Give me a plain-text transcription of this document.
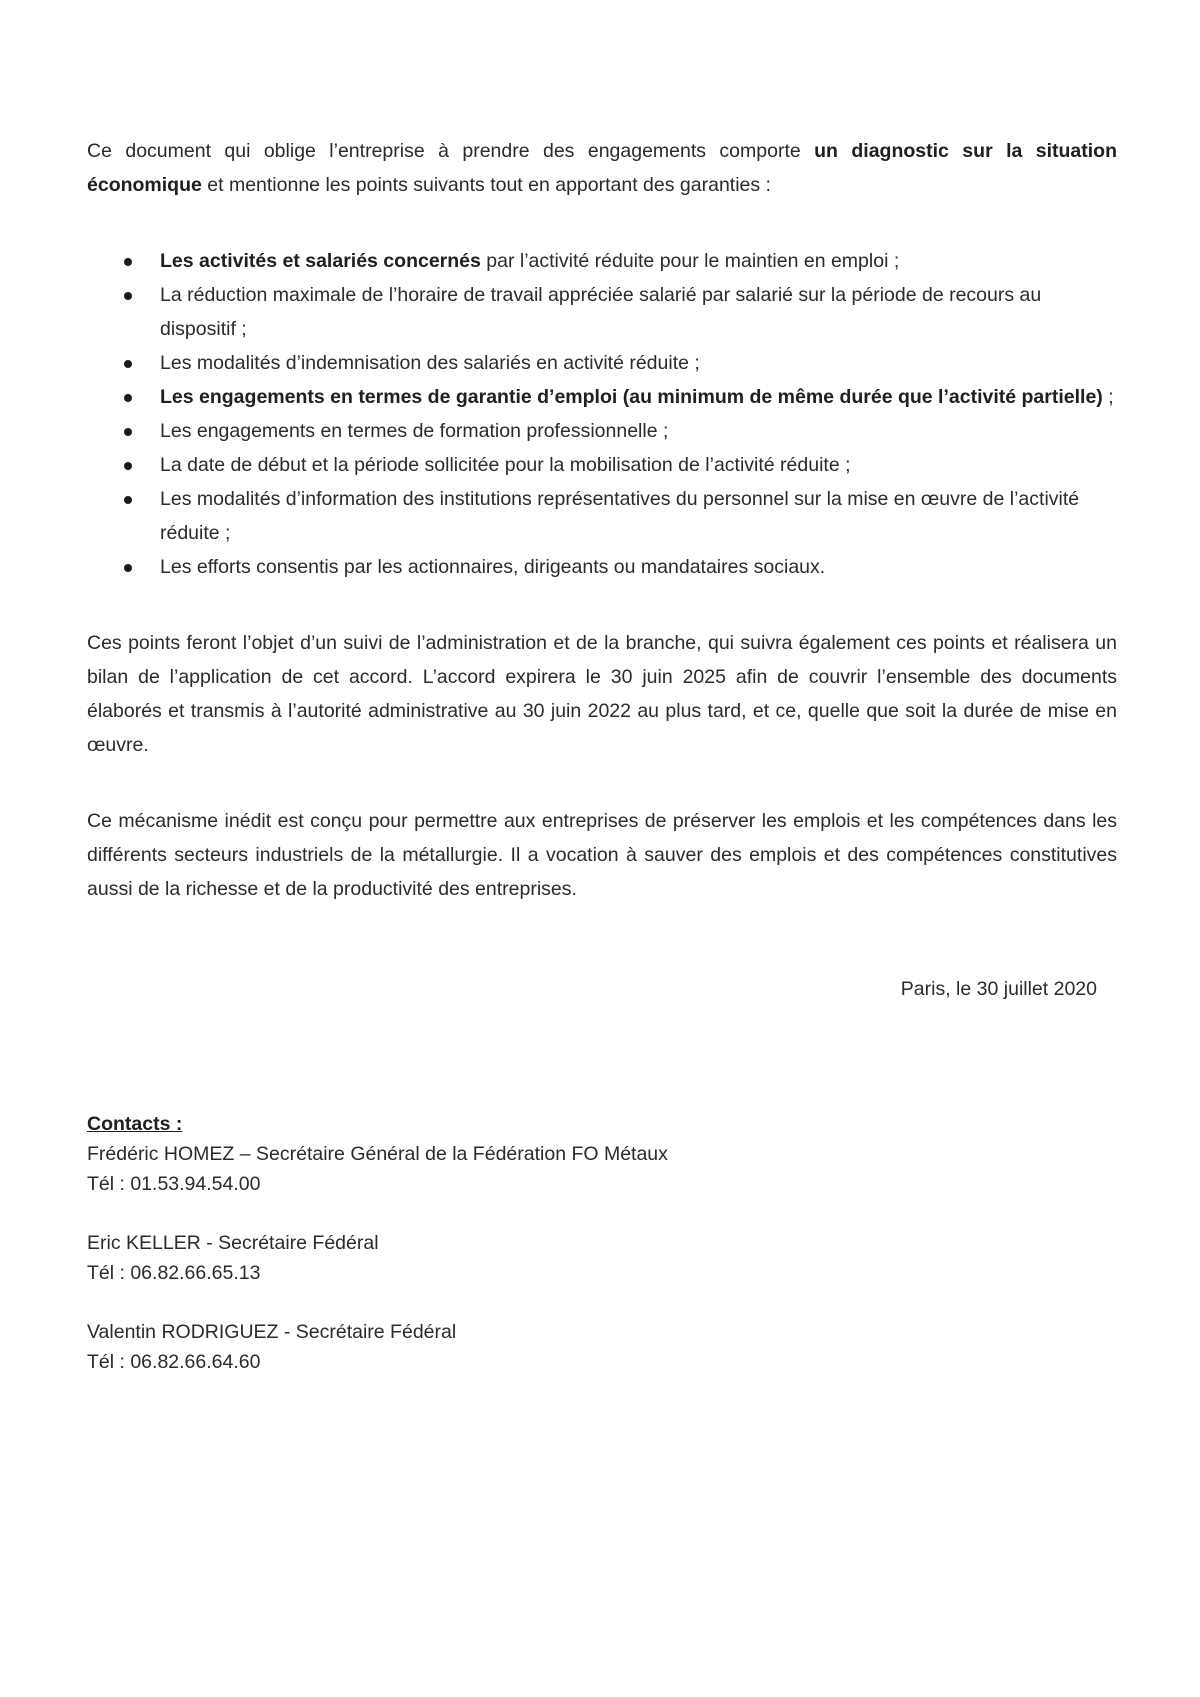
Ce document qui oblige l’entreprise à prendre des engagements comporte un diagnostic sur la situation économique et mentionne les points suivants tout en apportant des garanties :

Les activités et salariés concernés par l’activité réduite pour le maintien en emploi ;
La réduction maximale de l’horaire de travail appréciée salarié par salarié sur la période de recours au dispositif ;
Les modalités d’indemnisation des salariés en activité réduite ;
Les engagements en termes de garantie d’emploi (au minimum de même durée que l’activité partielle) ;
Les engagements en termes de formation professionnelle ;
La date de début et la période sollicitée pour la mobilisation de l’activité réduite ;
Les modalités d’information des institutions représentatives du personnel sur la mise en œuvre de l’activité réduite ;
Les efforts consentis par les actionnaires, dirigeants ou mandataires sociaux.

Ces points feront l’objet d’un suivi de l’administration et de la branche, qui suivra également ces points et réalisera un bilan de l’application de cet accord. L’accord expirera le 30 juin 2025 afin de couvrir l’ensemble des documents élaborés et transmis à l’autorité administrative au 30 juin 2022 au plus tard, et ce, quelle que soit la durée de mise en œuvre.

Ce mécanisme inédit est conçu pour permettre aux entreprises de préserver les emplois et les compétences dans les différents secteurs industriels de la métallurgie. Il a vocation à sauver des emplois et des compétences constitutives aussi de la richesse et de la productivité des entreprises.

Paris, le 30 juillet 2020

Contacts :
Frédéric HOMEZ – Secrétaire Général de la Fédération FO Métaux
Tél : 01.53.94.54.00
Eric KELLER - Secrétaire Fédéral
Tél : 06.82.66.65.13
Valentin RODRIGUEZ - Secrétaire Fédéral
Tél : 06.82.66.64.60
